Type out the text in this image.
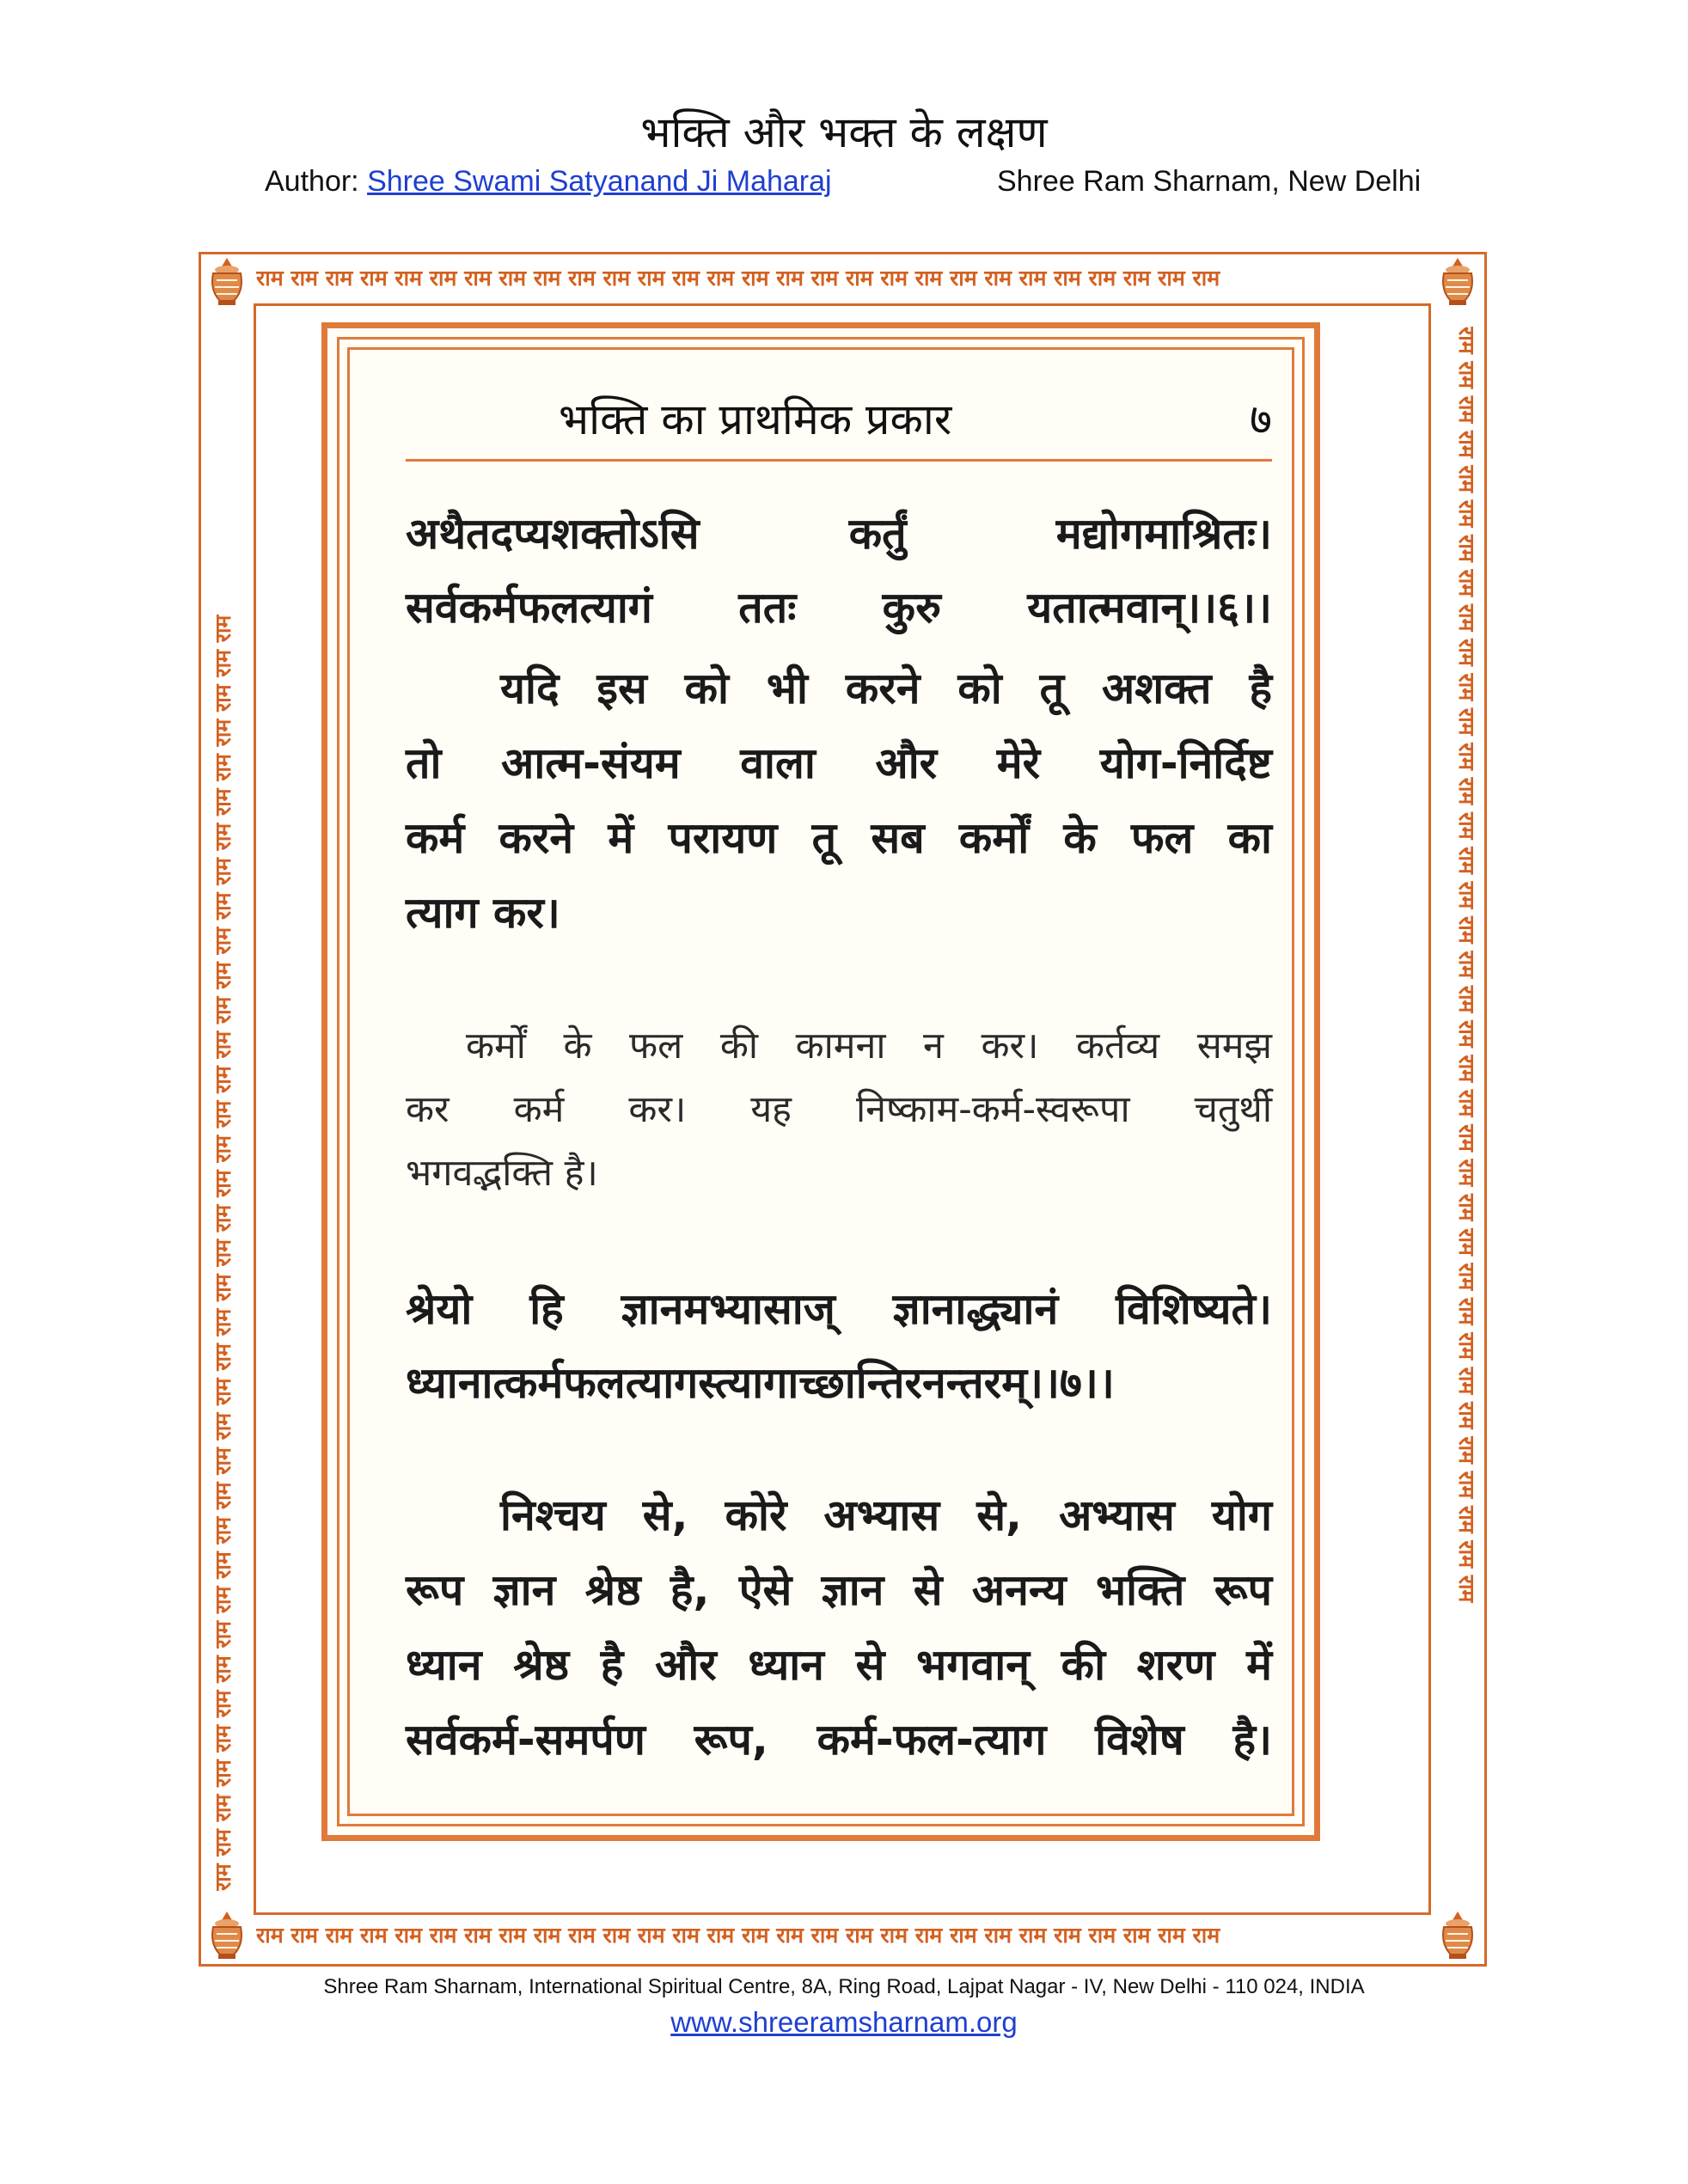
भक्ति और भक्त के लक्षण
Author: Shree Swami Satyanand Ji Maharaj	Shree Ram Sharnam, New Delhi
राम राम राम राम राम राम राम राम राम राम राम राम राम राम राम राम राम राम राम राम राम राम राम राम राम राम राम राम
राम राम राम राम राम राम राम राम राम राम राम राम राम राम राम राम राम राम राम राम राम राम राम राम राम राम राम राम
राम राम राम राम राम राम राम राम राम राम राम राम राम राम राम राम राम राम राम राम राम राम राम राम राम राम राम राम राम राम राम राम राम राम राम राम राम	राम राम राम राम राम राम राम राम राम राम राम राम राम राम राम राम राम राम राम राम राम राम राम राम राम राम राम राम राम राम राम राम राम राम राम राम राम
भक्ति का प्राथमिक प्रकार	७
अथैतदप्यशक्तोऽसि कर्तुं मद्योगमाश्रितः।
सर्वकर्मफलत्यागं ततः कुरु यतात्मवान्।।६।।
यदि इस को भी करने को तू अशक्त है
तो आत्म-संयम वाला और मेरे योग-निर्दिष्ट
कर्म करने में परायण तू सब कर्मों के फल का
त्याग कर।
कर्मों के फल की कामना न कर। कर्तव्य समझ
कर कर्म कर। यह निष्काम-कर्म-स्वरूपा चतुर्थी
भगवद्भक्ति है।
श्रेयो हि ज्ञानमभ्यासाज् ज्ञानाद्ध्यानं विशिष्यते।
ध्यानात्कर्मफलत्यागस्त्यागाच्छान्तिरनन्तरम्।।७।।
निश्चय से, कोरे अभ्यास से, अभ्यास योग
रूप ज्ञान श्रेष्ठ है, ऐसे ज्ञान से अनन्य भक्ति रूप
ध्यान श्रेष्ठ है और ध्यान से भगवान् की शरण में
सर्वकर्म-समर्पण रूप, कर्म-फल-त्याग विशेष है।
Shree Ram Sharnam, International Spiritual Centre, 8A, Ring Road, Lajpat Nagar - IV, New Delhi - 110 024, INDIA
www.shreeramsharnam.org
